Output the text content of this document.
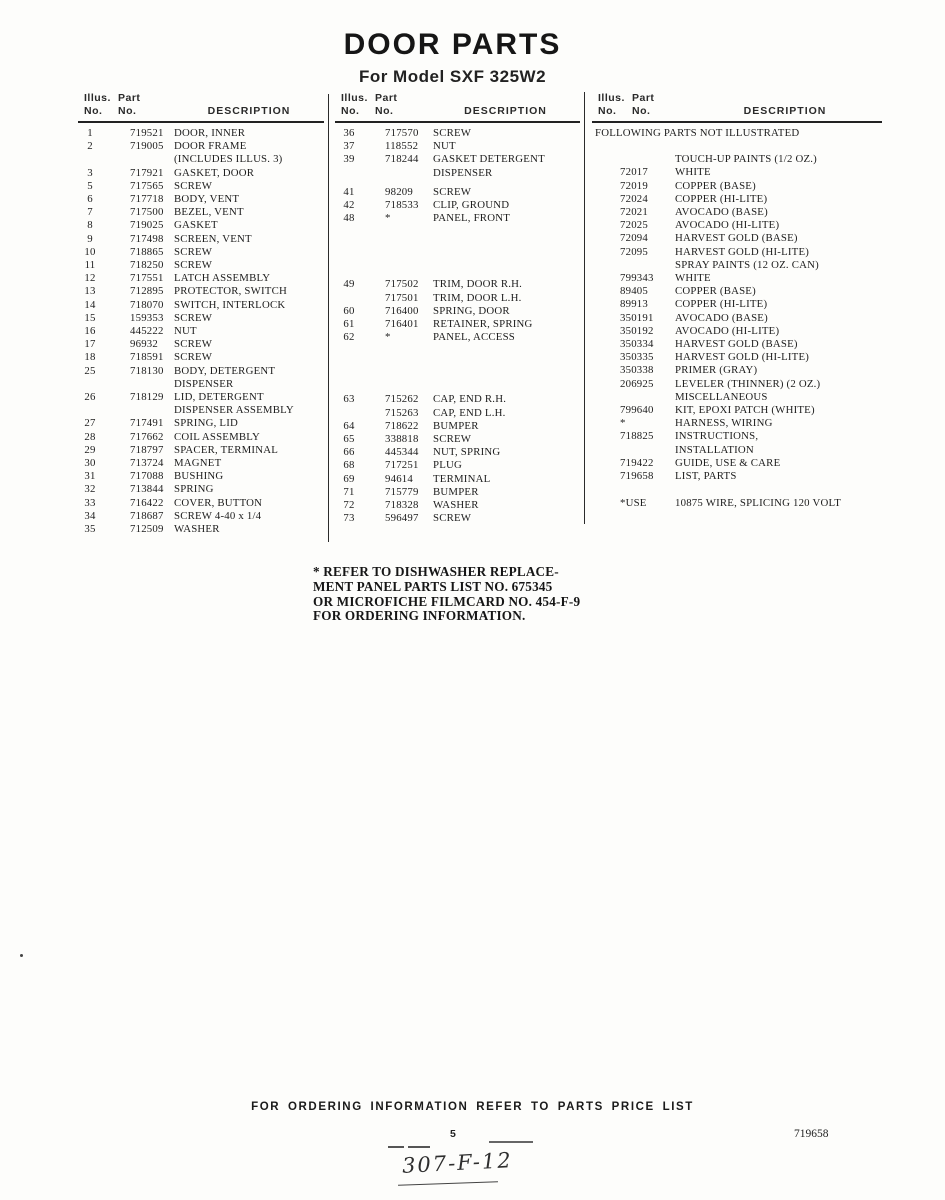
DOOR PARTS
For Model SXF 325W2
Illus. Part
No.	No.	DESCRIPTION
1	719521 DOOR, INNER
2	719005 DOOR FRAME
(INCLUDES ILLUS. 3)
3	717921 GASKET, DOOR
5	717565 SCREW
6	717718 BODY, VENT
7	717500 BEZEL, VENT
8	719025 GASKET
9	717498 SCREEN, VENT
10	718865 SCREW
11	718250 SCREW
12	717551 LATCH ASSEMBLY
13	712895 PROTECTOR, SWITCH
14	718070 SWITCH, INTERLOCK
15	159353 SCREW
16	445222 NUT
17	96932	SCREW
18	718591 SCREW
25	718130 BODY, DETERGENT
DISPENSER
26	718129 LID, DETERGENT
DISPENSER ASSEMBLY
27	717491 SPRING, LID
28	717662 COIL ASSEMBLY
29	718797 SPACER, TERMINAL
30	713724 MAGNET
31	717088 BUSHING
32	713844 SPRING
33	716422 COVER, BUTTON
34	718687 SCREW 4-40 x 1/4
35	712509 WASHER
Illus. Part
No.	No.	DESCRIPTION
36	717570	SCREW
37	118552	NUT
39	718244	GASKET DETERGENT
DISPENSER
41	98209	SCREW
42	718533	CLIP, GROUND
48	*	PANEL, FRONT
49	717502	TRIM, DOOR R.H.
717501	TRIM, DOOR L.H.
60	716400	SPRING, DOOR
61	716401	RETAINER, SPRING
62	*	PANEL, ACCESS
63	715262	CAP, END R.H.
715263	CAP, END L.H.
64	718622	BUMPER
65	338818	SCREW
66	445344	NUT, SPRING
68	717251	PLUG
69	94614	TERMINAL
71	715779	BUMPER
72	718328	WASHER
73	596497	SCREW
Illus. Part
No.	No.	DESCRIPTION
FOLLOWING PARTS NOT ILLUSTRATED
TOUCH-UP PAINTS (1/2 OZ.)
72017	WHITE
72019	COPPER (BASE)
72024	COPPER (HI-LITE)
72021	AVOCADO (BASE)
72025	AVOCADO (HI-LITE)
72094	HARVEST GOLD (BASE)
72095	HARVEST GOLD (HI-LITE)
SPRAY PAINTS (12 OZ. CAN)
799343	WHITE
89405	COPPER (BASE)
89913	COPPER (HI-LITE)
350191	AVOCADO (BASE)
350192	AVOCADO (HI-LITE)
350334	HARVEST GOLD (BASE)
350335	HARVEST GOLD (HI-LITE)
350338	PRIMER (GRAY)
206925	LEVELER (THINNER) (2 OZ.)
MISCELLANEOUS
799640	KIT, EPOXI PATCH (WHITE)
*	HARNESS, WIRING
718825	INSTRUCTIONS,
INSTALLATION
719422	GUIDE, USE & CARE
719658	LIST, PARTS
*USE	10875 WIRE, SPLICING 120 VOLT
* REFER TO DISHWASHER REPLACE-
MENT PANEL PARTS LIST NO. 675345
OR MICROFICHE FILMCARD NO. 454-F-9
FOR ORDERING INFORMATION.
FOR ORDERING INFORMATION REFER TO PARTS PRICE LIST
5	719658
307-F-12
